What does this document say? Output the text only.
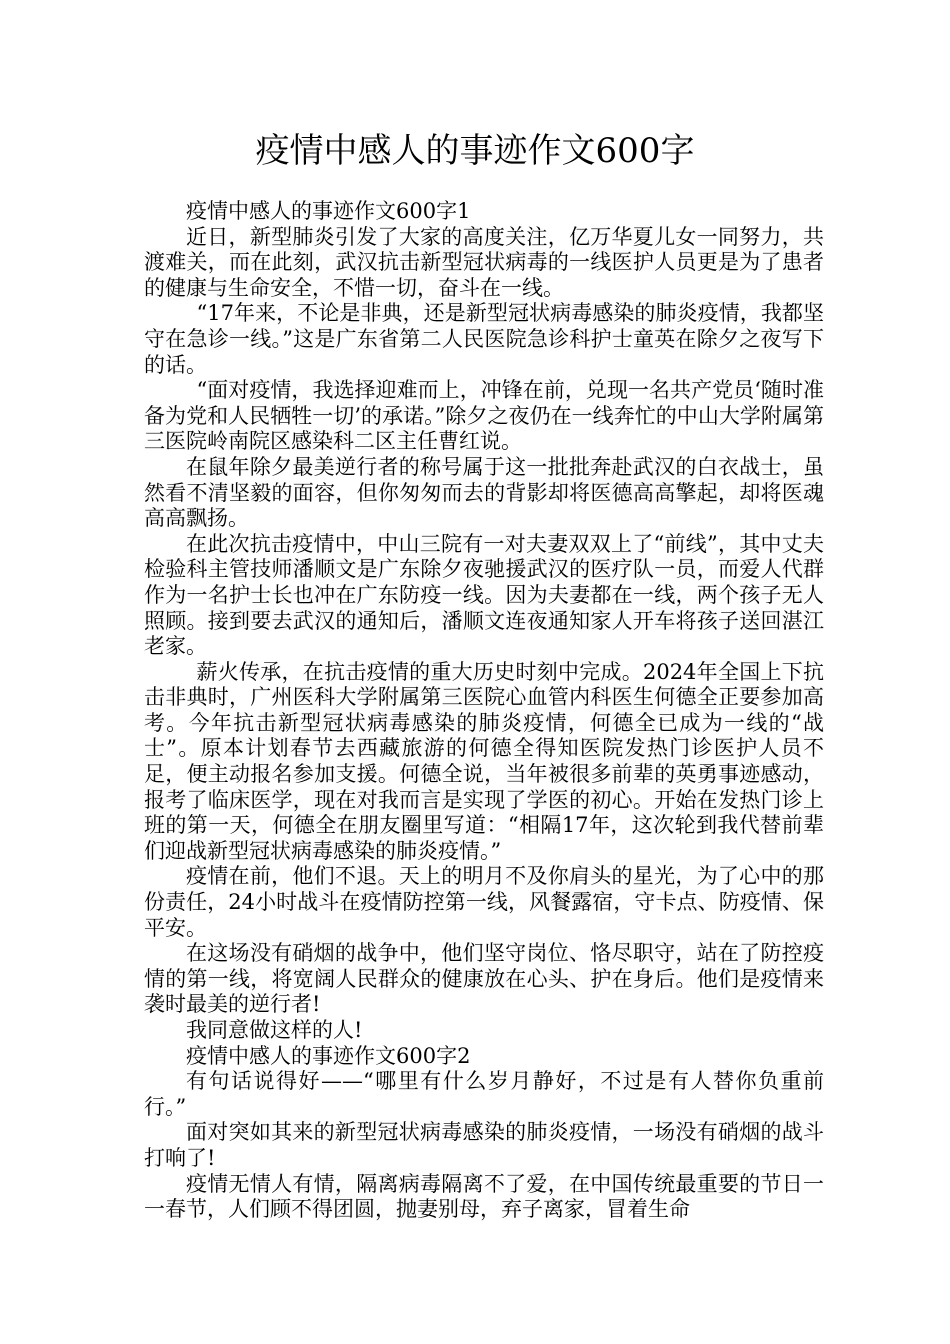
疫情中感人的事迹作文600字

疫情中感人的事迹作文600字1

近日，新型肺炎引发了大家的高度关注，亿万华夏儿女一同努力，共渡难关，而在此刻，武汉抗击新型冠状病毒的一线医护人员更是为了患者的健康与生命安全，不惜一切，奋斗在一线。

“17年来，不论是非典，还是新型冠状病毒感染的肺炎疫情，我都坚守在急诊一线。”这是广东省第二人民医院急诊科护士童英在除夕之夜写下的话。

“面对疫情，我选择迎难而上，冲锋在前，兑现一名共产党员‘随时准备为党和人民牺牲一切’的承诺。”除夕之夜仍在一线奔忙的中山大学附属第三医院岭南院区感染科二区主任曹红说。

在鼠年除夕最美逆行者的称号属于这一批批奔赴武汉的白衣战士，虽然看不清坚毅的面容，但你匆匆而去的背影却将医德高高擎起，却将医魂高高飘扬。

在此次抗击疫情中，中山三院有一对夫妻双双上了“前线”，其中丈夫检验科主管技师潘顺文是广东除夕夜驰援武汉的医疗队一员，而爱人代群作为一名护士长也冲在广东防疫一线。因为夫妻都在一线，两个孩子无人照顾。接到要去武汉的通知后，潘顺文连夜通知家人开车将孩子送回湛江老家。

薪火传承，在抗击疫情的重大历史时刻中完成。2024年全国上下抗击非典时，广州医科大学附属第三医院心血管内科医生何德全正要参加高考。今年抗击新型冠状病毒感染的肺炎疫情，何德全已成为一线的“战士”。原本计划春节去西藏旅游的何德全得知医院发热门诊医护人员不足，便主动报名参加支援。何德全说，当年被很多前辈的英勇事迹感动，报考了临床医学，现在对我而言是实现了学医的初心。开始在发热门诊上班的第一天，何德全在朋友圈里写道：“相隔17年，这次轮到我代替前辈们迎战新型冠状病毒感染的肺炎疫情。”

疫情在前，他们不退。天上的明月不及你肩头的星光，为了心中的那份责任，24小时战斗在疫情防控第一线，风餐露宿，守卡点、防疫情、保平安。

在这场没有硝烟的战争中，他们坚守岗位、恪尽职守，站在了防控疫情的第一线，将宽阔人民群众的健康放在心头、护在身后。他们是疫情来袭时最美的逆行者!

我同意做这样的人!

疫情中感人的事迹作文600字2

有句话说得好——“哪里有什么岁月静好，不过是有人替你负重前行。”

面对突如其来的新型冠状病毒感染的肺炎疫情，一场没有硝烟的战斗打响了!

疫情无情人有情，隔离病毒隔离不了爱，在中国传统最重要的节日一一春节，人们顾不得团圆，抛妻别母，弃子离家，冒着生命
